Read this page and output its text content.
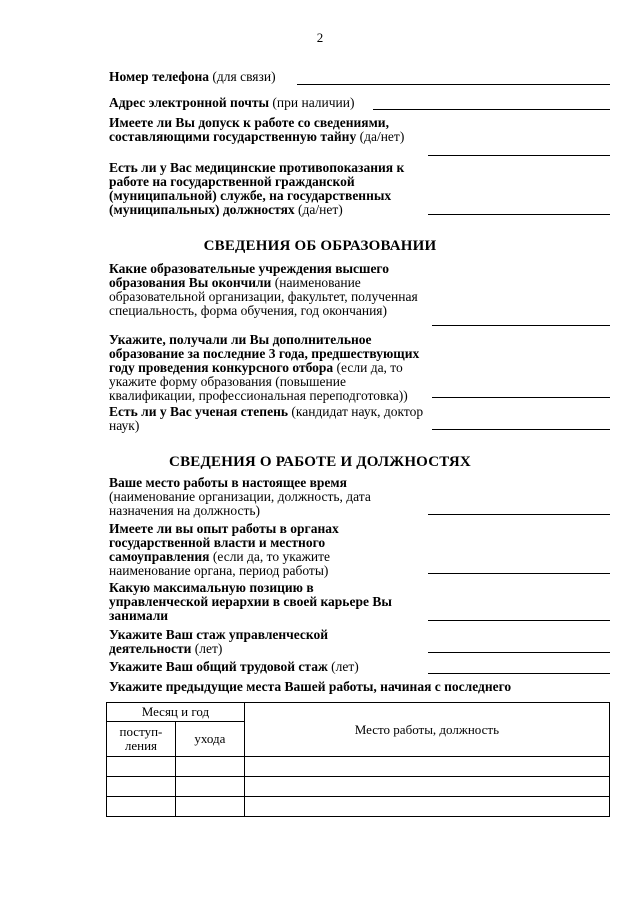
2
Номер телефона (для связи)
Адрес электронной почты (при наличии)
Имеете ли Вы допуск к работе со сведениями, составляющими государственную тайну (да/нет)
Есть ли у Вас медицинские противопоказания к работе на государственной гражданской (муниципальной) службе, на государственных (муниципальных) должностях (да/нет)
СВЕДЕНИЯ ОБ ОБРАЗОВАНИИ
Какие образовательные учреждения высшего образования Вы окончили (наименование образовательной организации, факультет, полученная специальность, форма обучения, год окончания)
Укажите, получали ли Вы дополнительное образование за последние 3 года, предшествующих году проведения конкурсного отбора (если да, то укажите форму образования (повышение квалификации, профессиональная переподготовка))
Есть ли у Вас ученая степень (кандидат наук, доктор наук)
СВЕДЕНИЯ О РАБОТЕ И ДОЛЖНОСТЯХ
Ваше место работы в настоящее время (наименование организации, должность, дата назначения на должность)
Имеете ли вы опыт работы в органах государственной власти и местного самоуправления (если да, то укажите наименование органа, период работы)
Какую максимальную позицию в управленческой иерархии в своей карьере Вы занимали
Укажите Ваш стаж управленческой деятельности (лет)
Укажите Ваш общий трудовой стаж (лет)
Укажите предыдущие места Вашей работы, начиная с последнего
Месяц и год		Место работы, должность
поступ-ления	ухода	
